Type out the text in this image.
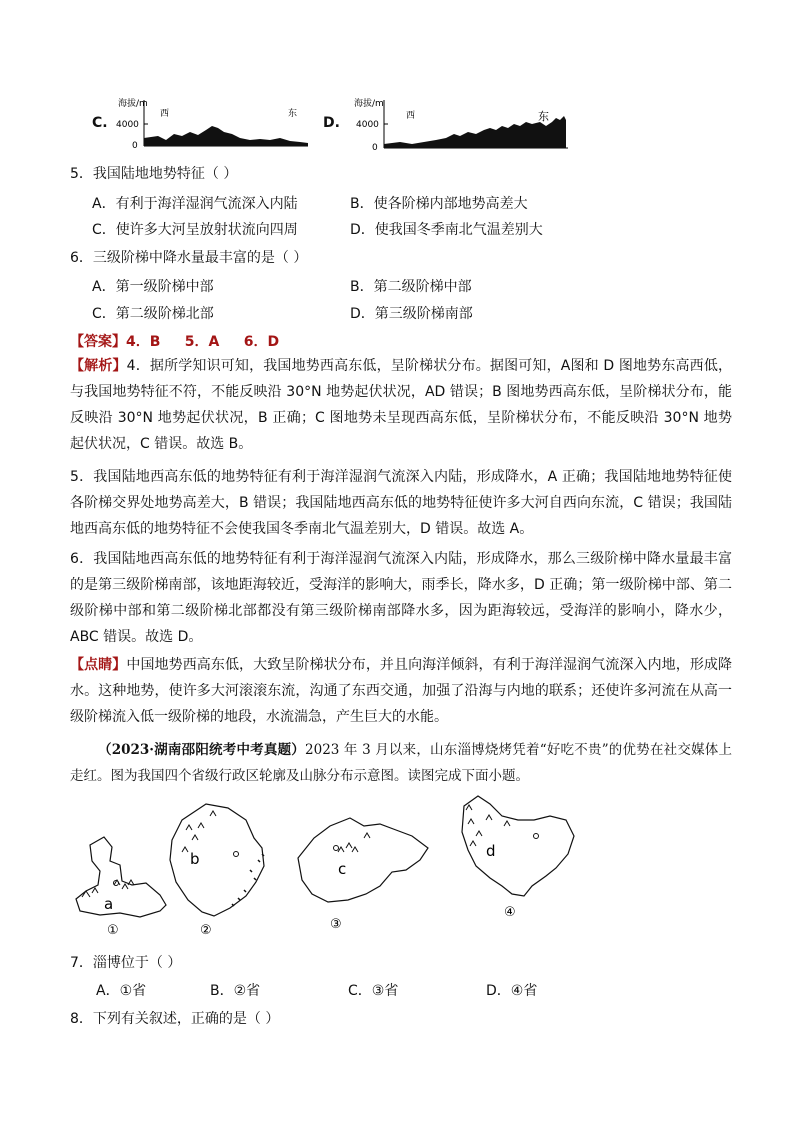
C.
海拔/m
4000
0
西	东
D.
海拔/m
4000
0
西	东
5．我国陆地地势特征（ ）
A．有利于海洋湿润气流深入内陆	B．使各阶梯内部地势高差大
C．使许多大河呈放射状流向四周	D．使我国冬季南北气温差别大
6．三级阶梯中降水量最丰富的是（ ）
A．第一级阶梯中部	B．第二级阶梯中部
C．第二级阶梯北部	D．第三级阶梯南部
【答案】4．B     5．A     6．D
【解析】4．据所学知识可知，我国地势西高东低，呈阶梯状分布。据图可知，A图和 D 图地势东高西低，与我国地势特征不符，不能反映沿 30°N 地势起伏状况，AD 错误；B 图地势西高东低，呈阶梯状分布，能反映沿 30°N 地势起伏状况，B 正确；C 图地势未呈现西高东低，呈阶梯状分布，不能反映沿 30°N 地势起伏状况，C 错误。故选 B。
5．我国陆地西高东低的地势特征有利于海洋湿润气流深入内陆，形成降水，A 正确；我国陆地地势特征使各阶梯交界处地势高差大，B 错误；我国陆地西高东低的地势特征使许多大河自西向东流，C 错误；我国陆地西高东低的地势特征不会使我国冬季南北气温差别大，D 错误。故选 A。
6．我国陆地西高东低的地势特征有利于海洋湿润气流深入内陆，形成降水，那么三级阶梯中降水量最丰富的是第三级阶梯南部，该地距海较近，受海洋的影响大，雨季长，降水多，D 正确；第一级阶梯中部、第二级阶梯中部和第二级阶梯北部都没有第三级阶梯南部降水多，因为距海较远，受海洋的影响小，降水少，ABC 错误。故选 D。
【点睛】中国地势西高东低，大致呈阶梯状分布，并且向海洋倾斜，有利于海洋湿润气流深入内地，形成降水。这种地势，使许多大河滚滚东流，沟通了东西交通，加强了沿海与内地的联系；还使许多河流在从高一级阶梯流入低一级阶梯的地段，水流湍急，产生巨大的水能。
（2023·湖南邵阳统考中考真题）2023 年 3 月以来，山东淄博烧烤凭着“好吃不贵”的优势在社交媒体上走红。图为我国四个省级行政区轮廓及山脉分布示意图。读图完成下面小题。
a
①
b
②
c
③
d
④
7．淄博位于（ ）
A．①省	B．②省	C．③省	D．④省
8．下列有关叙述，正确的是（ ）
